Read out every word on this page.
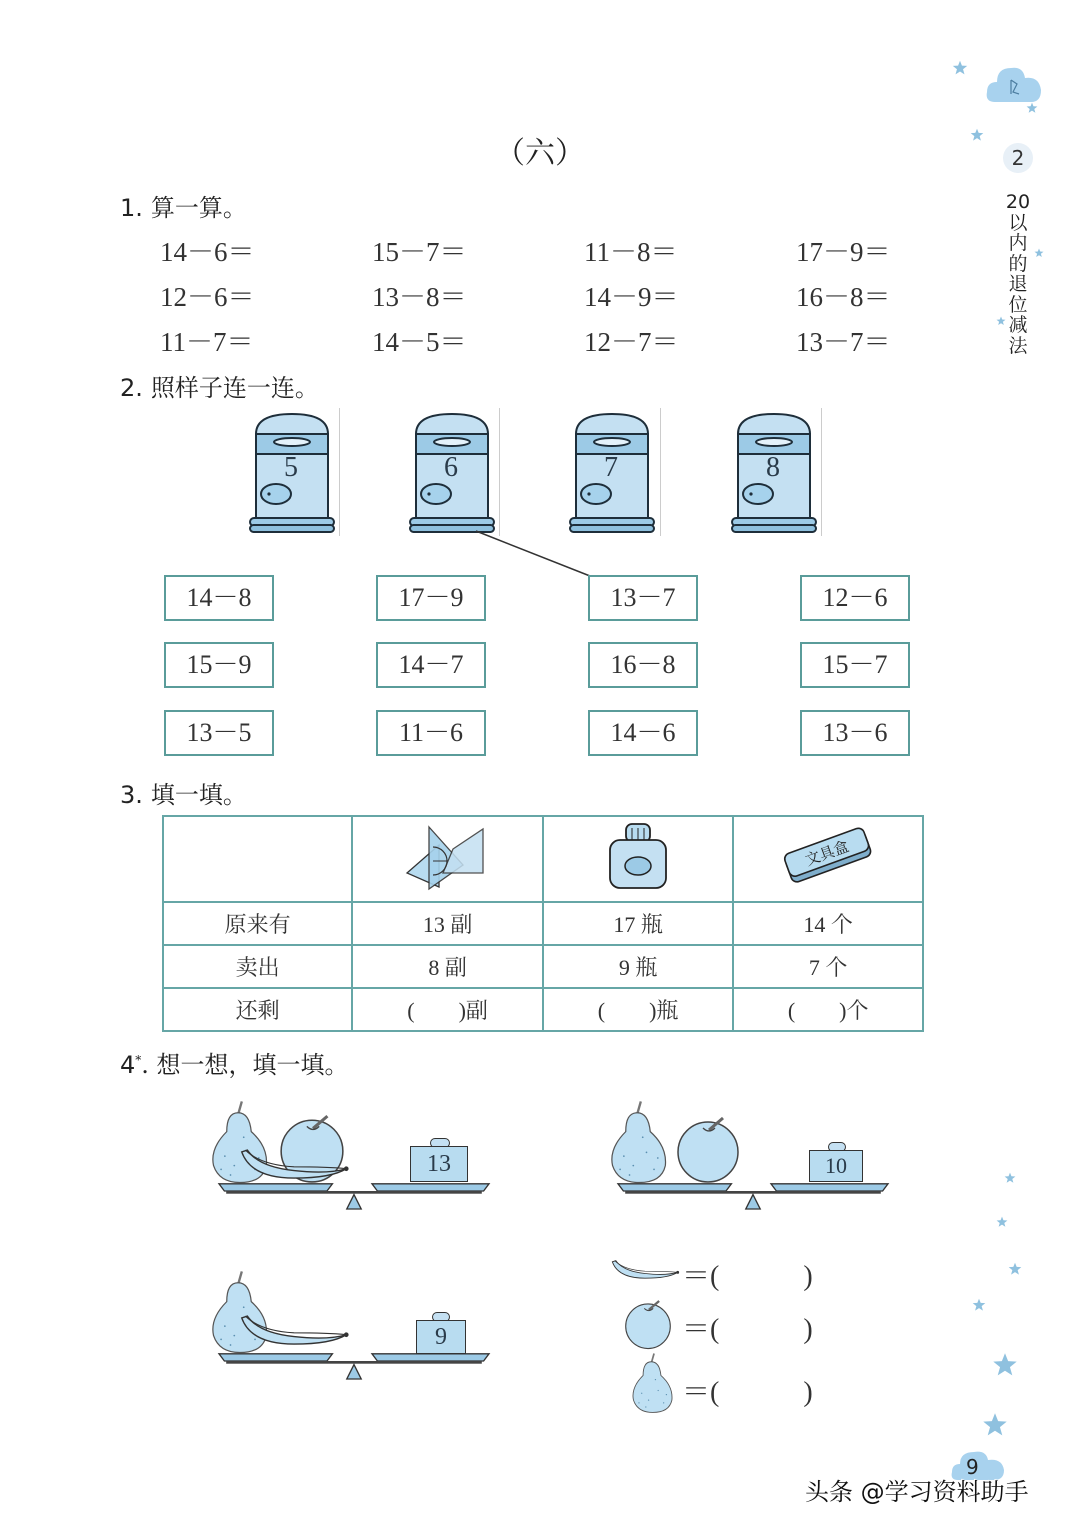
2
20
以
内
的
退
位
减
法
（六）
1. 算一算。
14－6＝	15－7＝	11－8＝	17－9＝
12－6＝	13－8＝	14－9＝	16－8＝
11－7＝	14－5＝	12－7＝	13－7＝
2. 照样子连一连。
5	6	7	8
14－8	17－9	13－7	12－6
15－9	14－7	16－8	15－7
13－5	11－6	14－6	13－6
3. 填一填。

文具盒

原来有	13 副	17 瓶	14 个
卖出	8 副	9 瓶	7 个
还剩	(　　)副	(　　)瓶	(　　)个
4*. 想一想，填一填。
13	10
9
＝(　　　)
＝(　　　)
＝(　　　)
9
头条 @学习资料助手
